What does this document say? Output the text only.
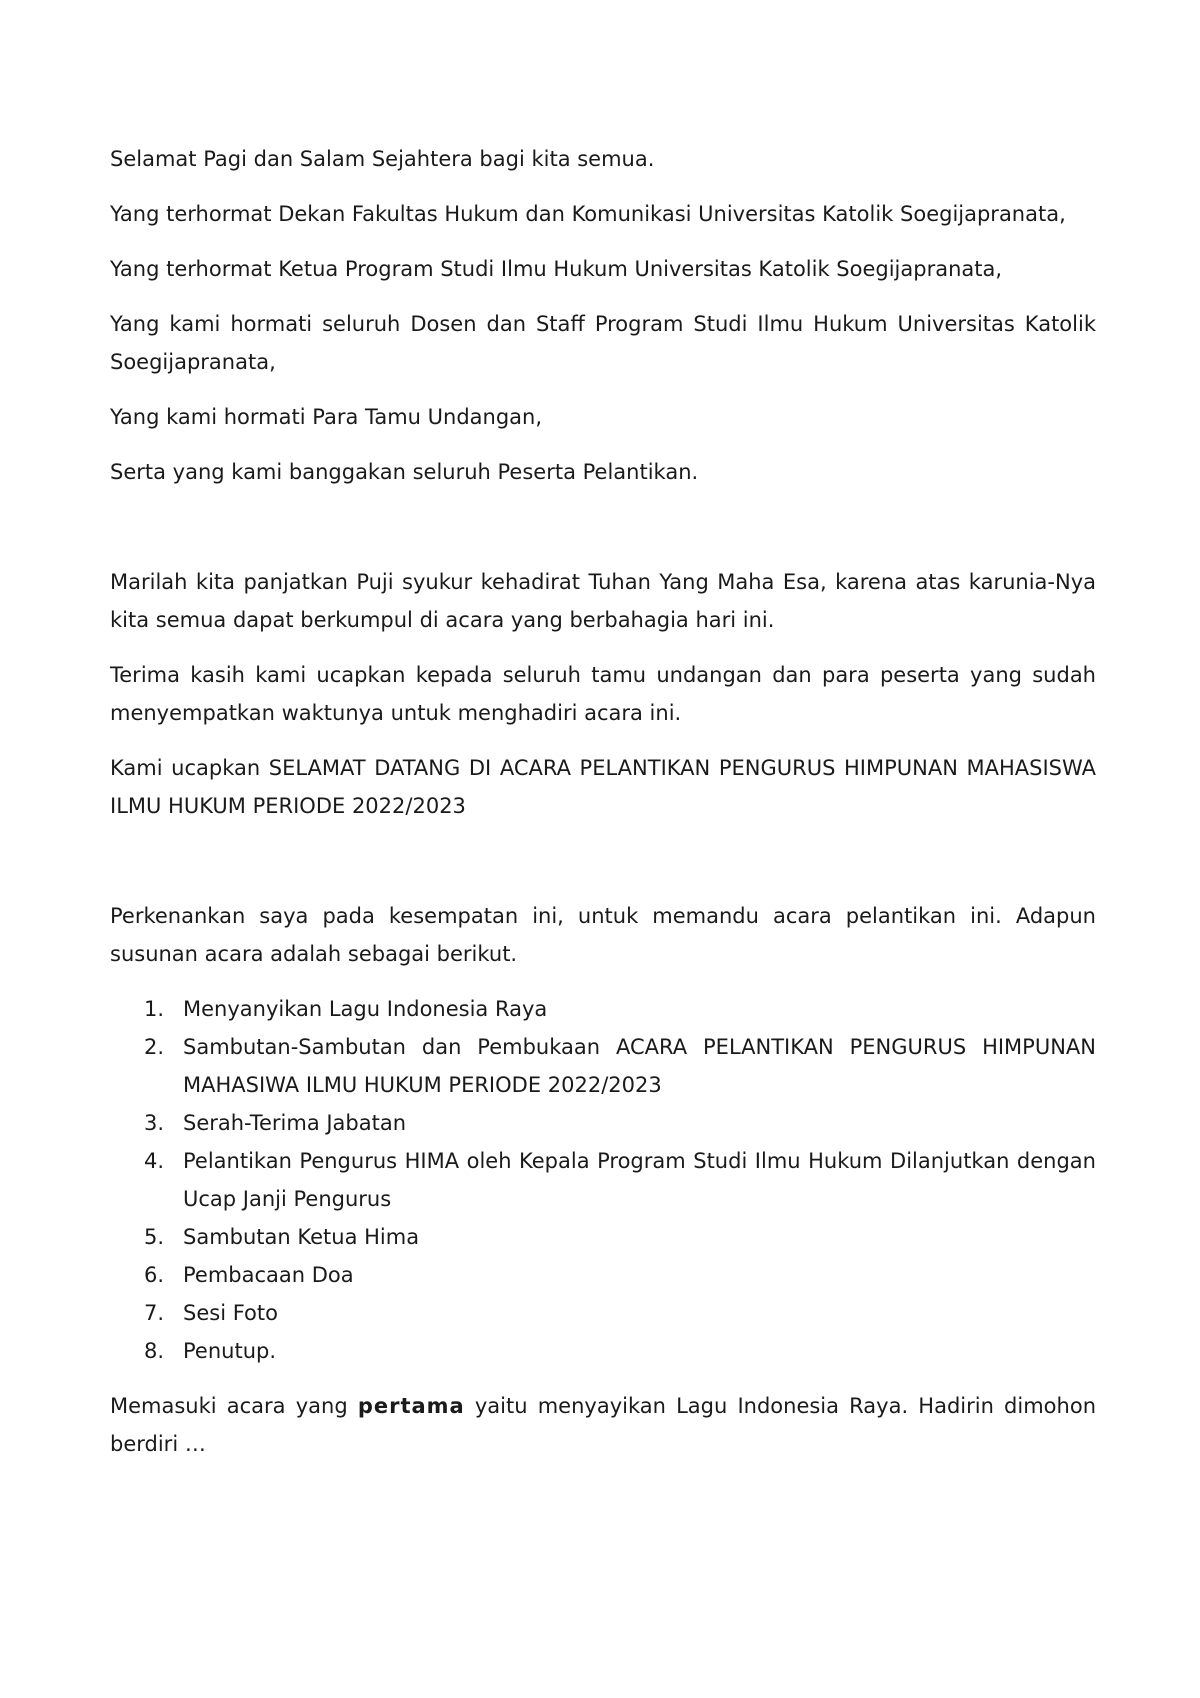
Selamat Pagi dan Salam Sejahtera bagi kita semua.

Yang terhormat Dekan Fakultas Hukum dan Komunikasi Universitas Katolik Soegijapranata,

Yang terhormat Ketua Program Studi Ilmu Hukum Universitas Katolik Soegijapranata,

Yang kami hormati seluruh Dosen dan Staff Program Studi Ilmu Hukum Universitas Katolik Soegijapranata,

Yang kami hormati Para Tamu Undangan,

Serta yang kami banggakan seluruh Peserta Pelantikan.

Marilah kita panjatkan Puji syukur kehadirat Tuhan Yang Maha Esa, karena atas karunia-Nya kita semua dapat berkumpul di acara yang berbahagia hari ini.

Terima kasih kami ucapkan kepada seluruh tamu undangan dan para peserta yang sudah menyempatkan waktunya untuk menghadiri acara ini.

Kami ucapkan SELAMAT DATANG DI ACARA PELANTIKAN PENGURUS HIMPUNAN MAHASISWA ILMU HUKUM PERIODE 2022/2023

Perkenankan saya pada kesempatan ini, untuk memandu acara pelantikan ini. Adapun susunan acara adalah sebagai berikut.

1. Menyanyikan Lagu Indonesia Raya
2. Sambutan-Sambutan dan Pembukaan ACARA PELANTIKAN PENGURUS HIMPUNAN MAHASIWA ILMU HUKUM PERIODE 2022/2023
3. Serah-Terima Jabatan
4. Pelantikan Pengurus HIMA oleh Kepala Program Studi Ilmu Hukum Dilanjutkan dengan Ucap Janji Pengurus
5. Sambutan Ketua Hima
6. Pembacaan Doa
7. Sesi Foto
8. Penutup.

Memasuki acara yang pertama yaitu menyayikan Lagu Indonesia Raya. Hadirin dimohon berdiri …
